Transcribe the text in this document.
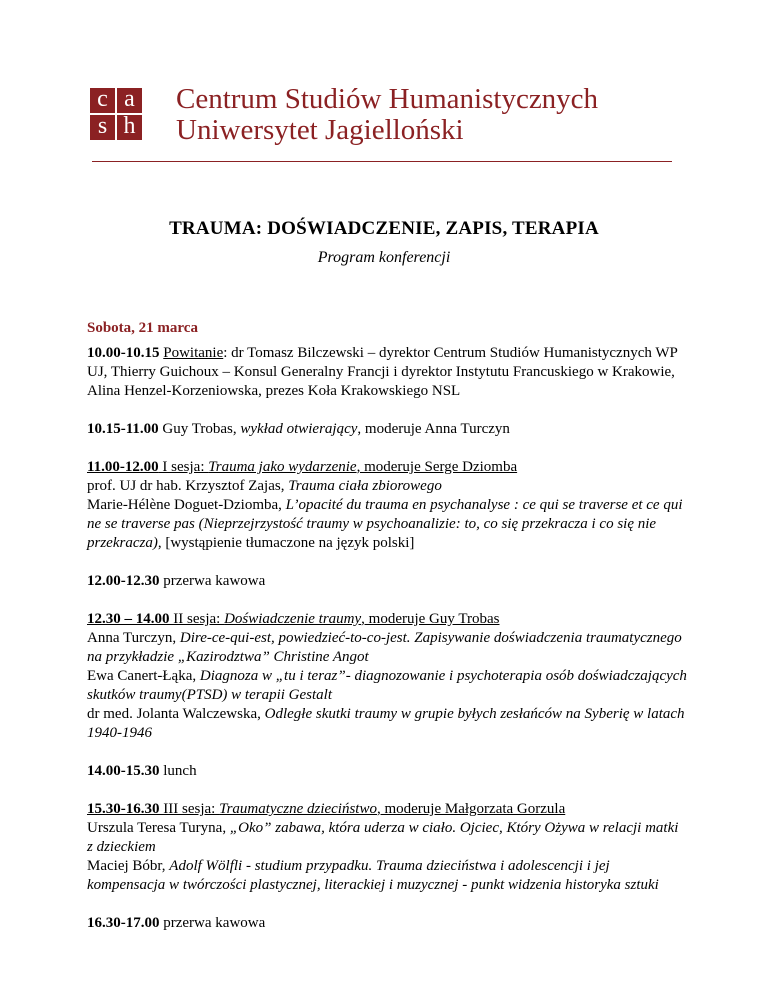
c a
s h
Centrum Studiów Humanistycznych
Uniwersytet Jagielloński
TRAUMA: DOŚWIADCZENIE, ZAPIS, TERAPIA
Program konferencji
Sobota, 21 marca
10.00-10.15 Powitanie: dr Tomasz Bilczewski – dyrektor Centrum Studiów Humanistycznych WP UJ, Thierry Guichoux – Konsul Generalny Francji i dyrektor Instytutu Francuskiego w Krakowie, Alina Henzel-Korzeniowska, prezes Koła Krakowskiego NSL
10.15-11.00 Guy Trobas, wykład otwierający, moderuje Anna Turczyn
11.00-12.00 I sesja: Trauma jako wydarzenie, moderuje Serge Dziomba
prof. UJ dr hab. Krzysztof Zajas, Trauma ciała zbiorowego
Marie-Hélène Doguet-Dziomba, L’opacité du trauma en psychanalyse : ce qui se traverse et ce qui ne se traverse pas (Nieprzejrzystość traumy w psychoanalizie: to, co się przekracza i co się nie przekracza), [wystąpienie tłumaczone na język polski]
12.00-12.30 przerwa kawowa
12.30 – 14.00 II sesja: Doświadczenie traumy, moderuje Guy Trobas
Anna Turczyn, Dire-ce-qui-est, powiedzieć-to-co-jest. Zapisywanie doświadczenia traumatycznego na przykładzie „Kazirodztwa” Christine Angot
Ewa Canert-Łąka, Diagnoza w „tu i teraz”- diagnozowanie i psychoterapia osób doświadczających skutków traumy(PTSD) w terapii Gestalt
dr med. Jolanta Walczewska, Odległe skutki traumy w grupie byłych zesłańców na Syberię w latach 1940-1946
14.00-15.30 lunch
15.30-16.30 III sesja: Traumatyczne dzieciństwo, moderuje Małgorzata Gorzula
Urszula Teresa Turyna, „Oko” zabawa, która uderza w ciało. Ojciec, Który Ożywa w relacji matki z dzieckiem
Maciej Bóbr, Adolf Wölfli - studium przypadku. Trauma dzieciństwa i adolescencji i jej kompensacja w twórczości plastycznej, literackiej i muzycznej - punkt widzenia historyka sztuki
16.30-17.00 przerwa kawowa
